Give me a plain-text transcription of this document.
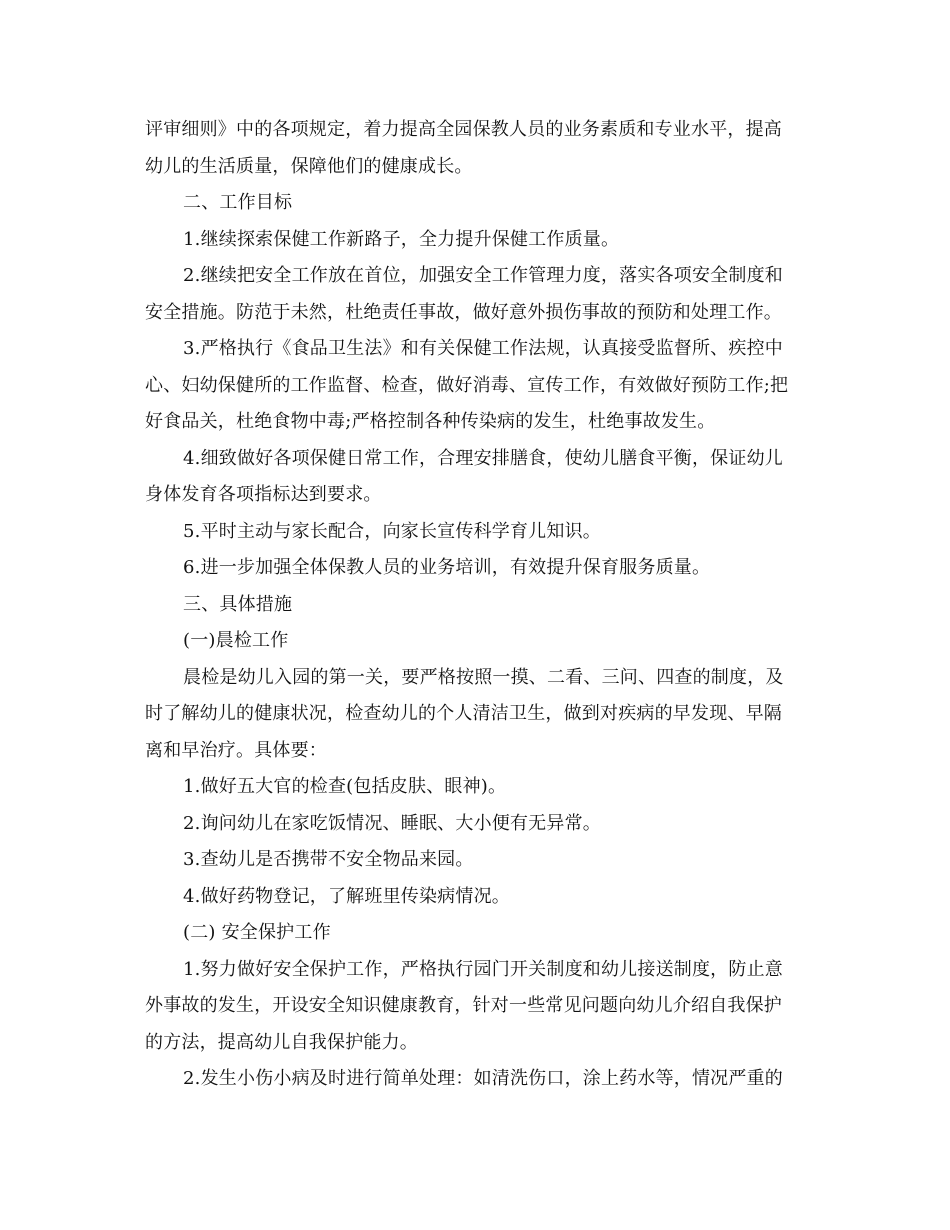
评审细则》中的各项规定，着力提高全园保教人员的业务素质和专业水平，提高
幼儿的生活质量，保障他们的健康成长。
二、工作目标
1.继续探索保健工作新路子，全力提升保健工作质量。
2.继续把安全工作放在首位，加强安全工作管理力度，落实各项安全制度和
安全措施。防范于未然，杜绝责任事故，做好意外损伤事故的预防和处理工作。
3.严格执行《食品卫生法》和有关保健工作法规，认真接受监督所、疾控中
心、妇幼保健所的工作监督、检查，做好消毒、宣传工作，有效做好预防工作;把
好食品关，杜绝食物中毒;严格控制各种传染病的发生，杜绝事故发生。
4.细致做好各项保健日常工作，合理安排膳食，使幼儿膳食平衡，保证幼儿
身体发育各项指标达到要求。
5.平时主动与家长配合，向家长宣传科学育儿知识。
6.进一步加强全体保教人员的业务培训，有效提升保育服务质量。
三、具体措施
(一)晨检工作
晨检是幼儿入园的第一关，要严格按照一摸、二看、三问、四查的制度，及
时了解幼儿的健康状况，检查幼儿的个人清洁卫生，做到对疾病的早发现、早隔
离和早治疗。具体要：
1.做好五大官的检查(包括皮肤、眼神)。
2.询问幼儿在家吃饭情况、睡眠、大小便有无异常。
3.查幼儿是否携带不安全物品来园。
4.做好药物登记，了解班里传染病情况。
(二) 安全保护工作
1.努力做好安全保护工作，严格执行园门开关制度和幼儿接送制度，防止意
外事故的发生，开设安全知识健康教育，针对一些常见问题向幼儿介绍自我保护
的方法，提高幼儿自我保护能力。
2.发生小伤小病及时进行简单处理：如清洗伤口，涂上药水等，情况严重的
